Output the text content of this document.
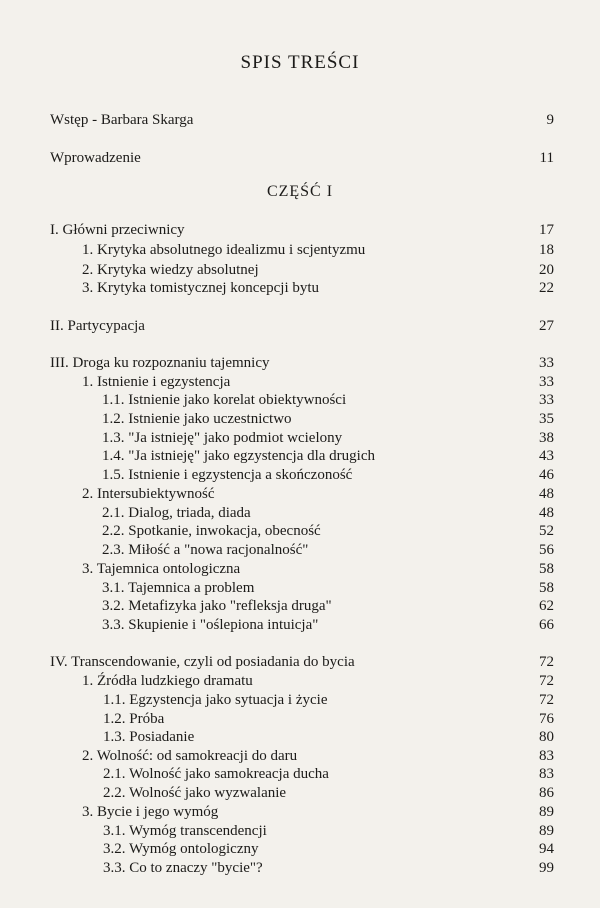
SPIS TREŚCI
Wstęp - Barbara Skarga	9
Wprowadzenie	11
CZĘŚĆ I
I. Główni przeciwnicy	17
1. Krytyka absolutnego idealizmu i scjentyzmu	18
2. Krytyka wiedzy absolutnej	20
3. Krytyka tomistycznej koncepcji bytu	22
II. Partycypacja	27
III. Droga ku rozpoznaniu tajemnicy	33
1. Istnienie i egzystencja	33
1.1. Istnienie jako korelat obiektywności	33
1.2. Istnienie jako uczestnictwo	35
1.3. "Ja istnieję" jako podmiot wcielony	38
1.4. "Ja istnieję" jako egzystencja dla drugich	43
1.5. Istnienie i egzystencja a skończoność	46
2. Intersubiektywność	48
2.1. Dialog, triada, diada	48
2.2. Spotkanie, inwokacja, obecność	52
2.3. Miłość a "nowa racjonalność"	56
3. Tajemnica ontologiczna	58
3.1. Tajemnica a problem	58
3.2. Metafizyka jako "refleksja druga"	62
3.3. Skupienie i "oślepiona intuicja"	66
IV. Transcendowanie, czyli od posiadania do bycia	72
1. Źródła ludzkiego dramatu	72
1.1. Egzystencja jako sytuacja i życie	72
1.2. Próba	76
1.3. Posiadanie	80
2. Wolność: od samokreacji do daru	83
2.1. Wolność jako samokreacja ducha	83
2.2. Wolność jako wyzwalanie	86
3. Bycie i jego wymóg	89
3.1. Wymóg transcendencji	89
3.2. Wymóg ontologiczny	94
3.3. Co to znaczy "bycie"?	99
